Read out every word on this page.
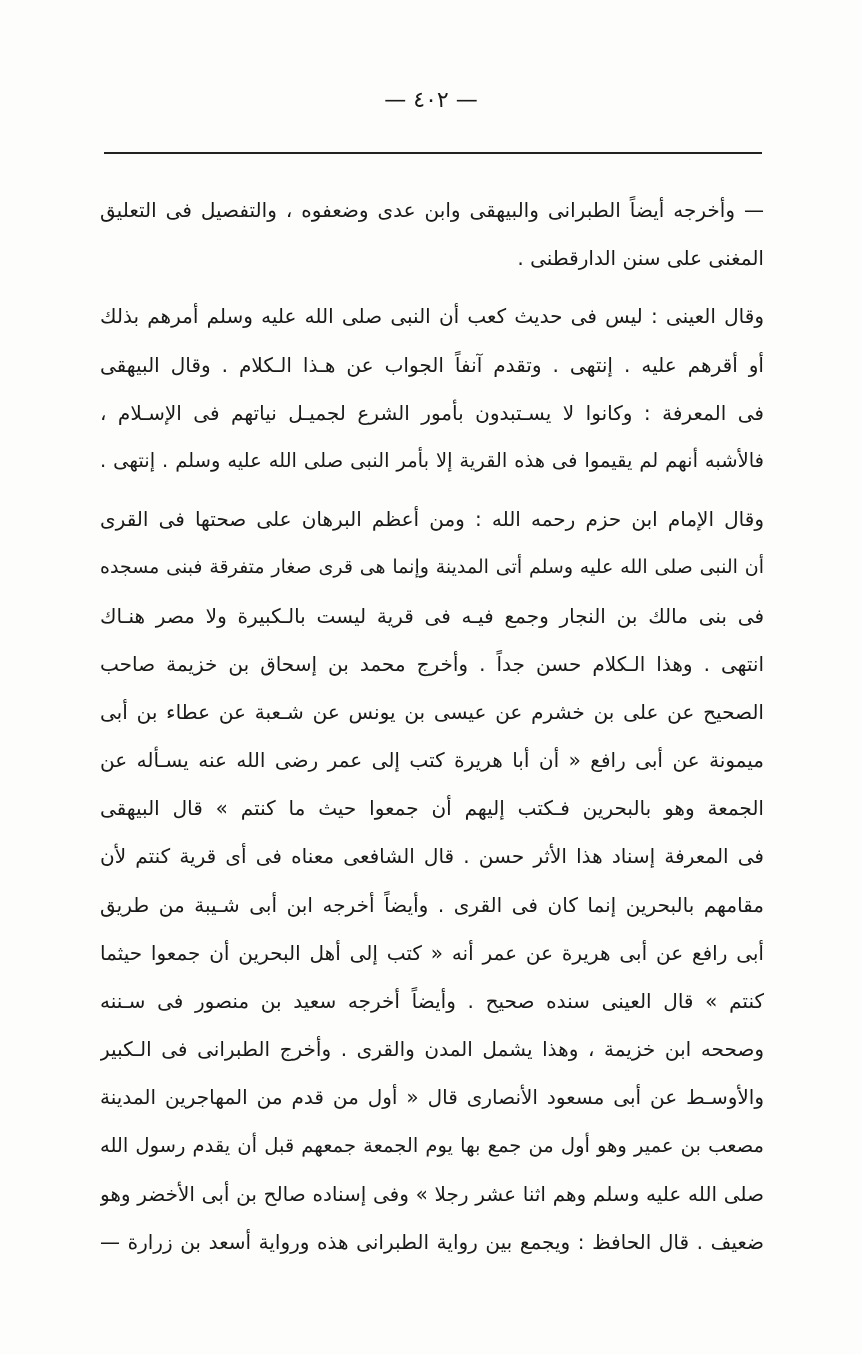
— ٤٠٢ —
— وأخرجه أيضاً الطبرانى والبيهقى وابن عدى وضعفوه ، والتفصيل فى التعليق
المغنى على سنن الدارقطنى .
وقال العينى : ليس فى حديث كعب أن النبى صلى الله عليه وسلم أمرهم بذلك
أو أقرهم عليه . إنتهى . وتقدم آنفاً الجواب عن هـذا الـكلام . وقال البيهقى
فى المعرفة : وكانوا لا يسـتبدون بأمور الشرع لجميـل نياتهم فى الإسـلام ،
فالأشبه أنهم لم يقيموا فى هذه القرية إلا بأمر النبى صلى الله عليه وسلم . إنتهى .
وقال الإمام ابن حزم رحمه الله : ومن أعظم البرهان على صحتها فى القرى
أن النبى صلى الله عليه وسلم أتى المدينة وإنما هى قرى صغار متفرقة فبنى مسجده
فى بنى مالك بن النجار وجمع فيـه فى قرية ليست بالـكبيرة ولا مصر هنـاك
انتهى . وهذا الـكلام حسن جداً . وأخرج محمد بن إسحاق بن خزيمة صاحب
الصحيح عن على بن خشرم عن عيسى بن يونس عن شـعبة عن عطاء بن أبى
ميمونة عن أبى رافع « أن أبا هريرة كتب إلى عمر رضى الله عنه يسـأله عن
الجمعة وهو بالبحرين فـكتب إليهم أن جمعوا حيث ما كنتم » قال البيهقى
فى المعرفة إسناد هذا الأثر حسن . قال الشافعى معناه فى أى قرية كنتم لأن
مقامهم بالبحرين إنما كان فى القرى . وأيضاً أخرجه ابن أبى شـيبة من طريق
أبى رافع عن أبى هريرة عن عمر أنه « كتب إلى أهل البحرين أن جمعوا حيثما
كنتم » قال العينى سنده صحيح . وأيضاً أخرجه سعيد بن منصور فى سـننه
وصححه ابن خزيمة ، وهذا يشمل المدن والقرى . وأخرج الطبرانى فى الـكبير
والأوسـط عن أبى مسعود الأنصارى قال « أول من قدم من المهاجرين المدينة
مصعب بن عمير وهو أول من جمع بها يوم الجمعة جمعهم قبل أن يقدم رسول الله
صلى الله عليه وسلم وهم اثنا عشر رجلا » وفى إسناده صالح بن أبى الأخضر وهو
ضعيف . قال الحافظ : ويجمع بين رواية الطبرانى هذه ورواية أسعد بن زرارة —
